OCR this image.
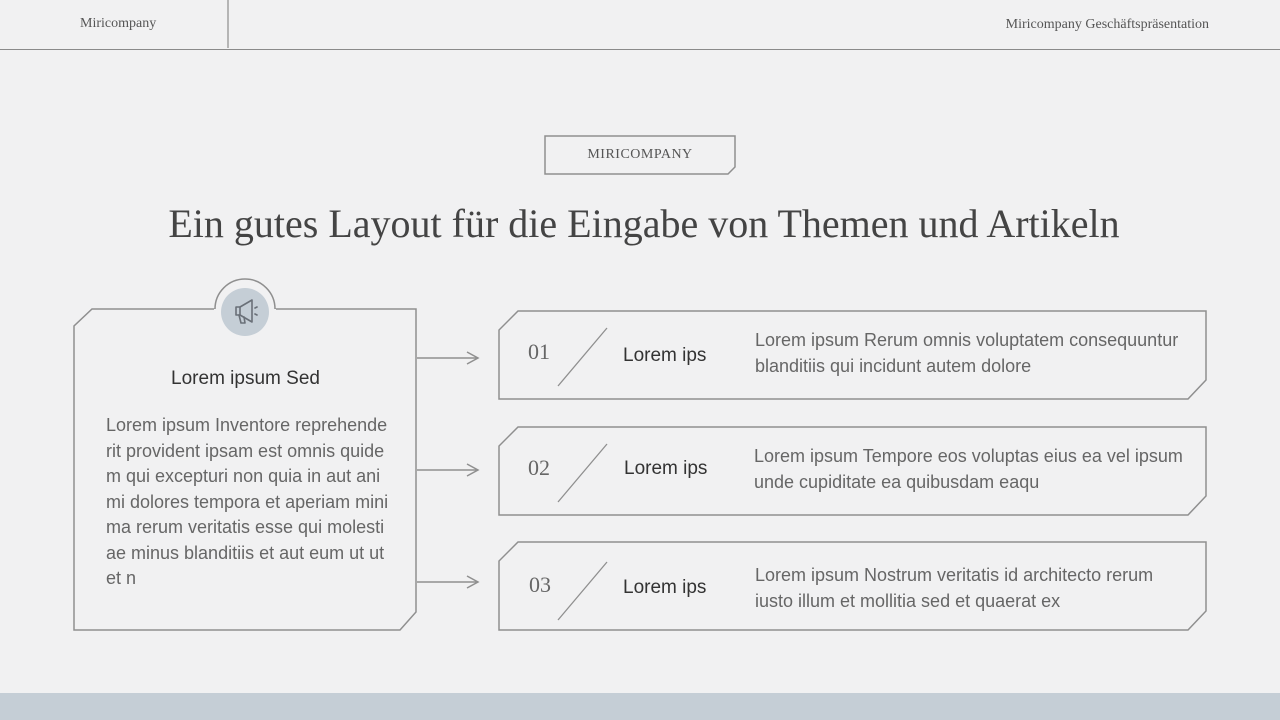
Miricompany	Miricompany Geschäftspräsentation
MIRICOMPANY
Ein gutes Layout für die Eingabe von Themen und Artikeln
Lorem ipsum Sed
Lorem ipsum Inventore reprehenderit provident ipsam est omnis quidem qui excepturi non quia in aut animi dolores tempora et aperiam minima rerum veritatis esse qui molestiae minus blanditiis et aut eum ut ut et n
01	Lorem ips
Lorem ipsum Rerum omnis voluptatem consequuntur blanditiis qui incidunt autem dolore
02	Lorem ips
Lorem ipsum Tempore eos voluptas eius ea vel ipsum unde cupiditate ea quibusdam eaqu
03	Lorem ips
Lorem ipsum Nostrum veritatis id architecto rerum iusto illum et mollitia sed et quaerat ex
